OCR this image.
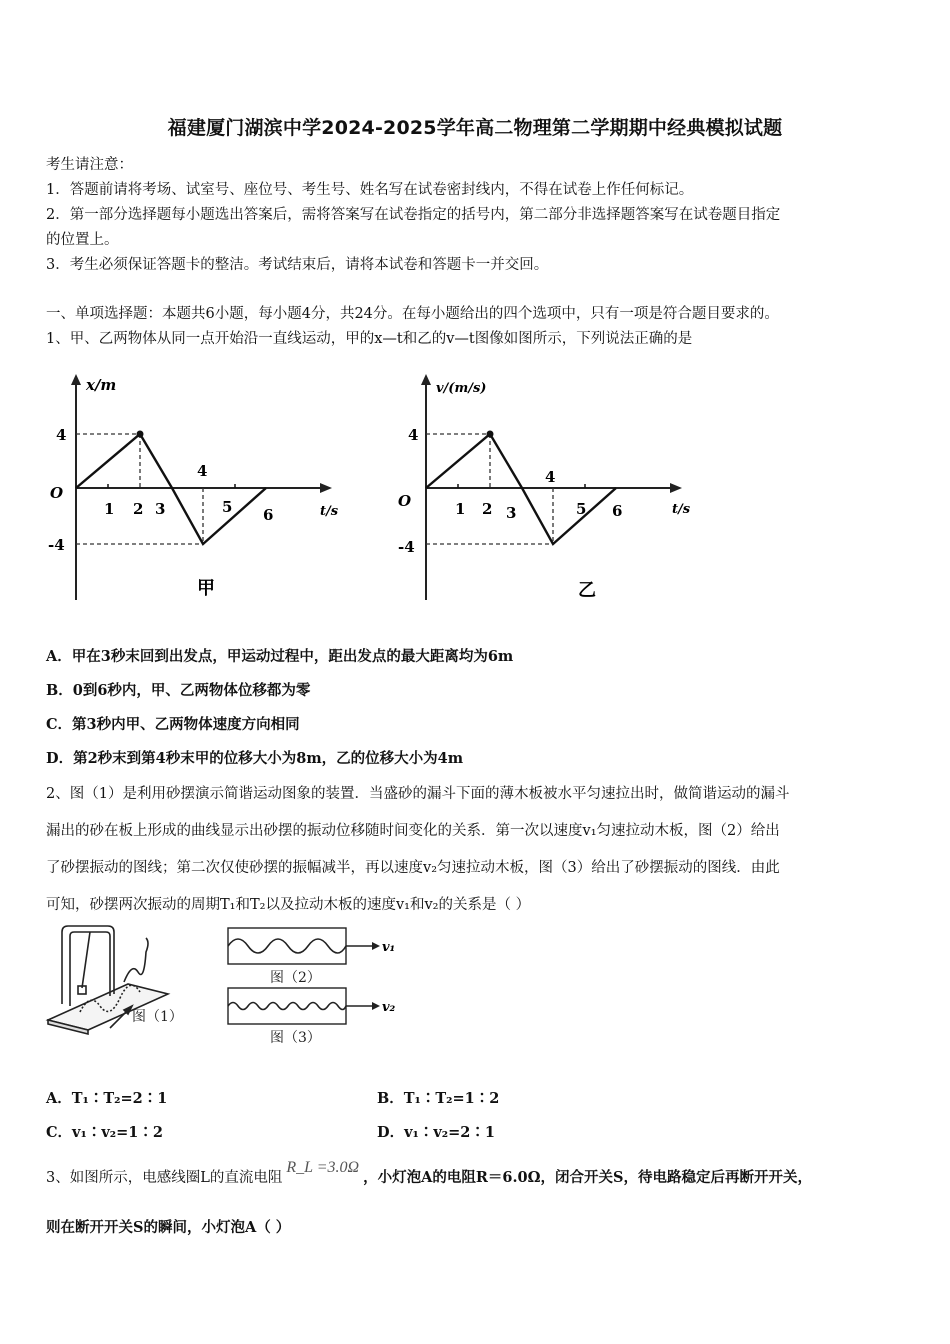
福建厦门湖滨中学2024-2025学年高二物理第二学期期中经典模拟试题
考生请注意：
1．答题前请将考场、试室号、座位号、考生号、姓名写在试卷密封线内，不得在试卷上作任何标记。
2．第一部分选择题每小题选出答案后，需将答案写在试卷指定的括号内，第二部分非选择题答案写在试卷题目指定
的位置上。
3．考生必须保证答题卡的整洁。考试结束后，请将本试卷和答题卡一并交回。
一、单项选择题：本题共6小题，每小题4分，共24分。在每小题给出的四个选项中，只有一项是符合题目要求的。
1、甲、乙两物体从同一点开始沿一直线运动，甲的x—t和乙的v—t图像如图所示，下列说法正确的是
x/m
t/s
O
4
-4
1 2 3
4
5 6
甲
v/(m/s)
t/s
O
4
-4
1 2 3
4
5 6
乙
A．甲在3秒末回到出发点，甲运动过程中，距出发点的最大距离均为6m
B．0到6秒内，甲、乙两物体位移都为零
C．第3秒内甲、乙两物体速度方向相同
D．第2秒末到第4秒末甲的位移大小为8m，乙的位移大小为4m
2、图（1）是利用砂摆演示简谐运动图象的装置．当盛砂的漏斗下面的薄木板被水平匀速拉出时，做简谐运动的漏斗
漏出的砂在板上形成的曲线显示出砂摆的振动位移随时间变化的关系．第一次以速度v₁匀速拉动木板，图（2）给出
了砂摆振动的图线；第二次仅使砂摆的振幅减半，再以速度v₂匀速拉动木板，图（3）给出了砂摆振动的图线．由此
可知，砂摆两次振动的周期T₁和T₂以及拉动木板的速度v₁和v₂的关系是（ ）
图（1）
v₁
图（2）
v₂
图（3）
A．T₁∶T₂=2∶1	B．T₁∶T₂=1∶2
C．v₁∶v₂=1∶2	D．v₁∶v₂=2∶1
3、如图所示，电感线圈L的直流电阻R_L =3.0Ω，小灯泡A的电阻R＝6.0Ω，闭合开关S，待电路稳定后再断开开关，
则在断开开关S的瞬间，小灯泡A（ ）
